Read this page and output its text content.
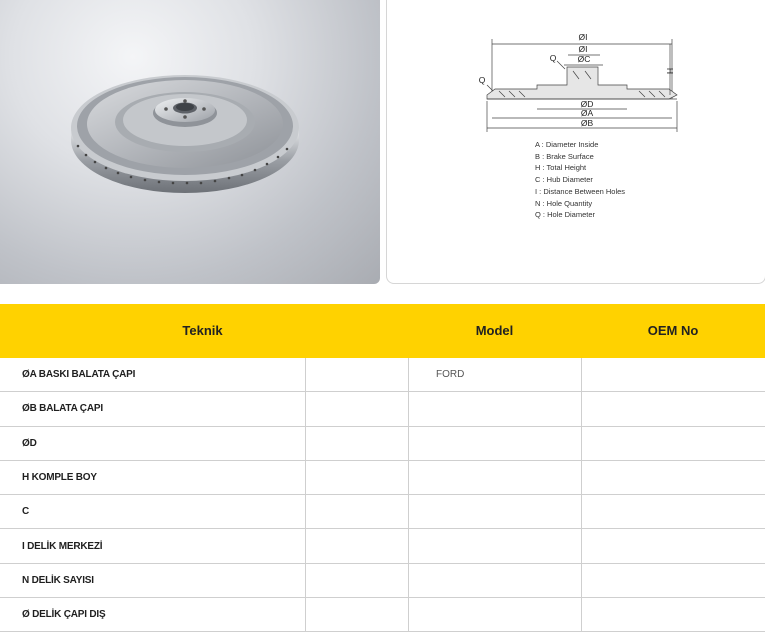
ØI
ØI
ØC
Q
Q
H
ØD
ØA
ØB
A : Diameter Inside
B : Brake Surface
H : Total Height
C : Hub Diameter
I : Distance Between Holes
N : Hole Quantity
Q : Hole Diameter
Teknik	Model	OEM No
ØA BASKI BALATA ÇAPI	FORD
ØB BALATA ÇAPI
ØD
H KOMPLE BOY
C
I DELİK MERKEZİ
N DELİK SAYISI
Ø DELİK ÇAPI DIŞ
